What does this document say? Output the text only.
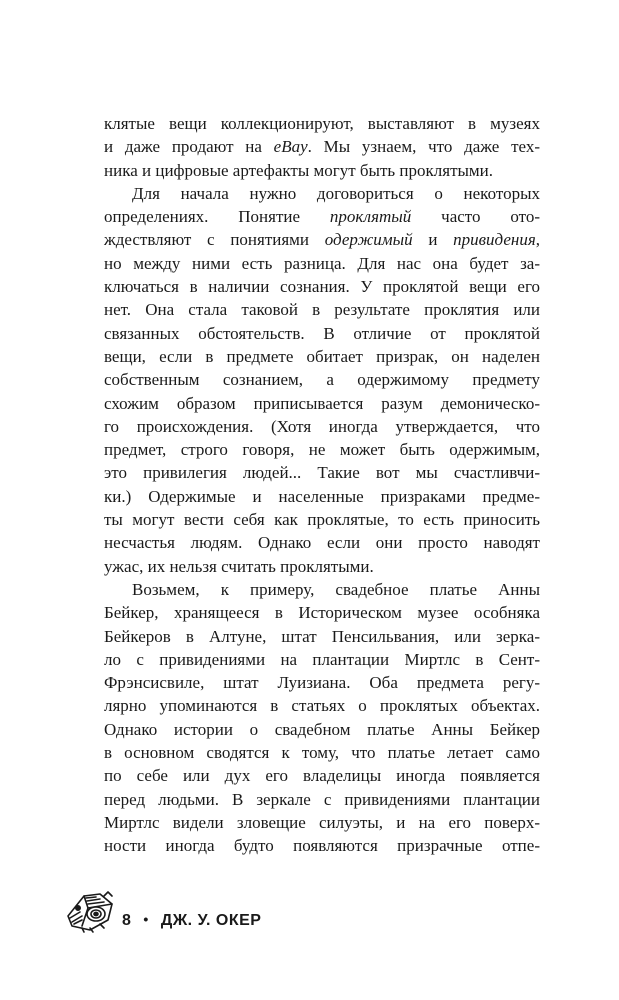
клятые вещи коллекционируют, выставляют в музеях
и даже продают на eBay. Мы узнаем, что даже тех-
ника и цифровые артефакты могут быть проклятыми.
Для начала нужно договориться о некоторых
определениях. Понятие проклятый часто ото-
ждествляют с понятиями одержимый и привидения,
но между ними есть разница. Для нас она будет за-
ключаться в наличии сознания. У проклятой вещи его
нет. Она стала таковой в результате проклятия или
связанных обстоятельств. В отличие от проклятой
вещи, если в предмете обитает призрак, он наделен
собственным сознанием, а одержимому предмету
схожим образом приписывается разум демоническо-
го происхождения. (Хотя иногда утверждается, что
предмет, строго говоря, не может быть одержимым,
это привилегия людей... Такие вот мы счастливчи-
ки.) Одержимые и населенные призраками предме-
ты могут вести себя как проклятые, то есть приносить
несчастья людям. Однако если они просто наводят
ужас, их нельзя считать проклятыми.
Возьмем, к примеру, свадебное платье Анны
Бейкер, хранящееся в Историческом музее особняка
Бейкеров в Алтуне, штат Пенсильвания, или зерка-
ло с привидениями на плантации Миртлс в Сент-
Фрэнсисвиле, штат Луизиана. Оба предмета регу-
лярно упоминаются в статьях о проклятых объектах.
Однако истории о свадебном платье Анны Бейкер
в основном сводятся к тому, что платье летает само
по себе или дух его владелицы иногда появляется
перед людьми. В зеркале с привидениями плантации
Миртлс видели зловещие силуэты, и на его поверх-
ности иногда будто появляются призрачные отпе-
8 • ДЖ. У. ОКЕР
